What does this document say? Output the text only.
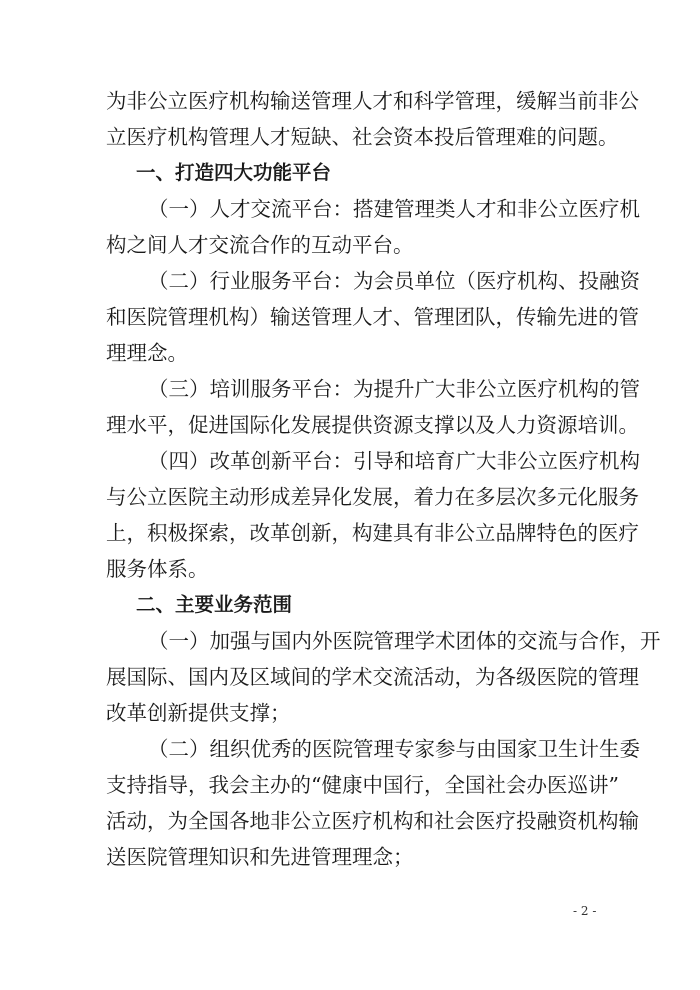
为非公立医疗机构输送管理人才和科学管理，缓解当前非公
立医疗机构管理人才短缺、社会资本投后管理难的问题。
一、打造四大功能平台
（一）人才交流平台：搭建管理类人才和非公立医疗机
构之间人才交流合作的互动平台。
（二）行业服务平台：为会员单位（医疗机构、投融资
和医院管理机构）输送管理人才、管理团队，传输先进的管
理理念。
（三）培训服务平台：为提升广大非公立医疗机构的管
理水平，促进国际化发展提供资源支撑以及人力资源培训。
（四）改革创新平台：引导和培育广大非公立医疗机构
与公立医院主动形成差异化发展，着力在多层次多元化服务
上，积极探索，改革创新，构建具有非公立品牌特色的医疗
服务体系。
二、主要业务范围
（一）加强与国内外医院管理学术团体的交流与合作，开
展国际、国内及区域间的学术交流活动，为各级医院的管理
改革创新提供支撑；
（二）组织优秀的医院管理专家参与由国家卫生计生委
支持指导，我会主办的“健康中国行，全国社会办医巡讲”
活动，为全国各地非公立医疗机构和社会医疗投融资机构输
送医院管理知识和先进管理理念；
- 2 -
